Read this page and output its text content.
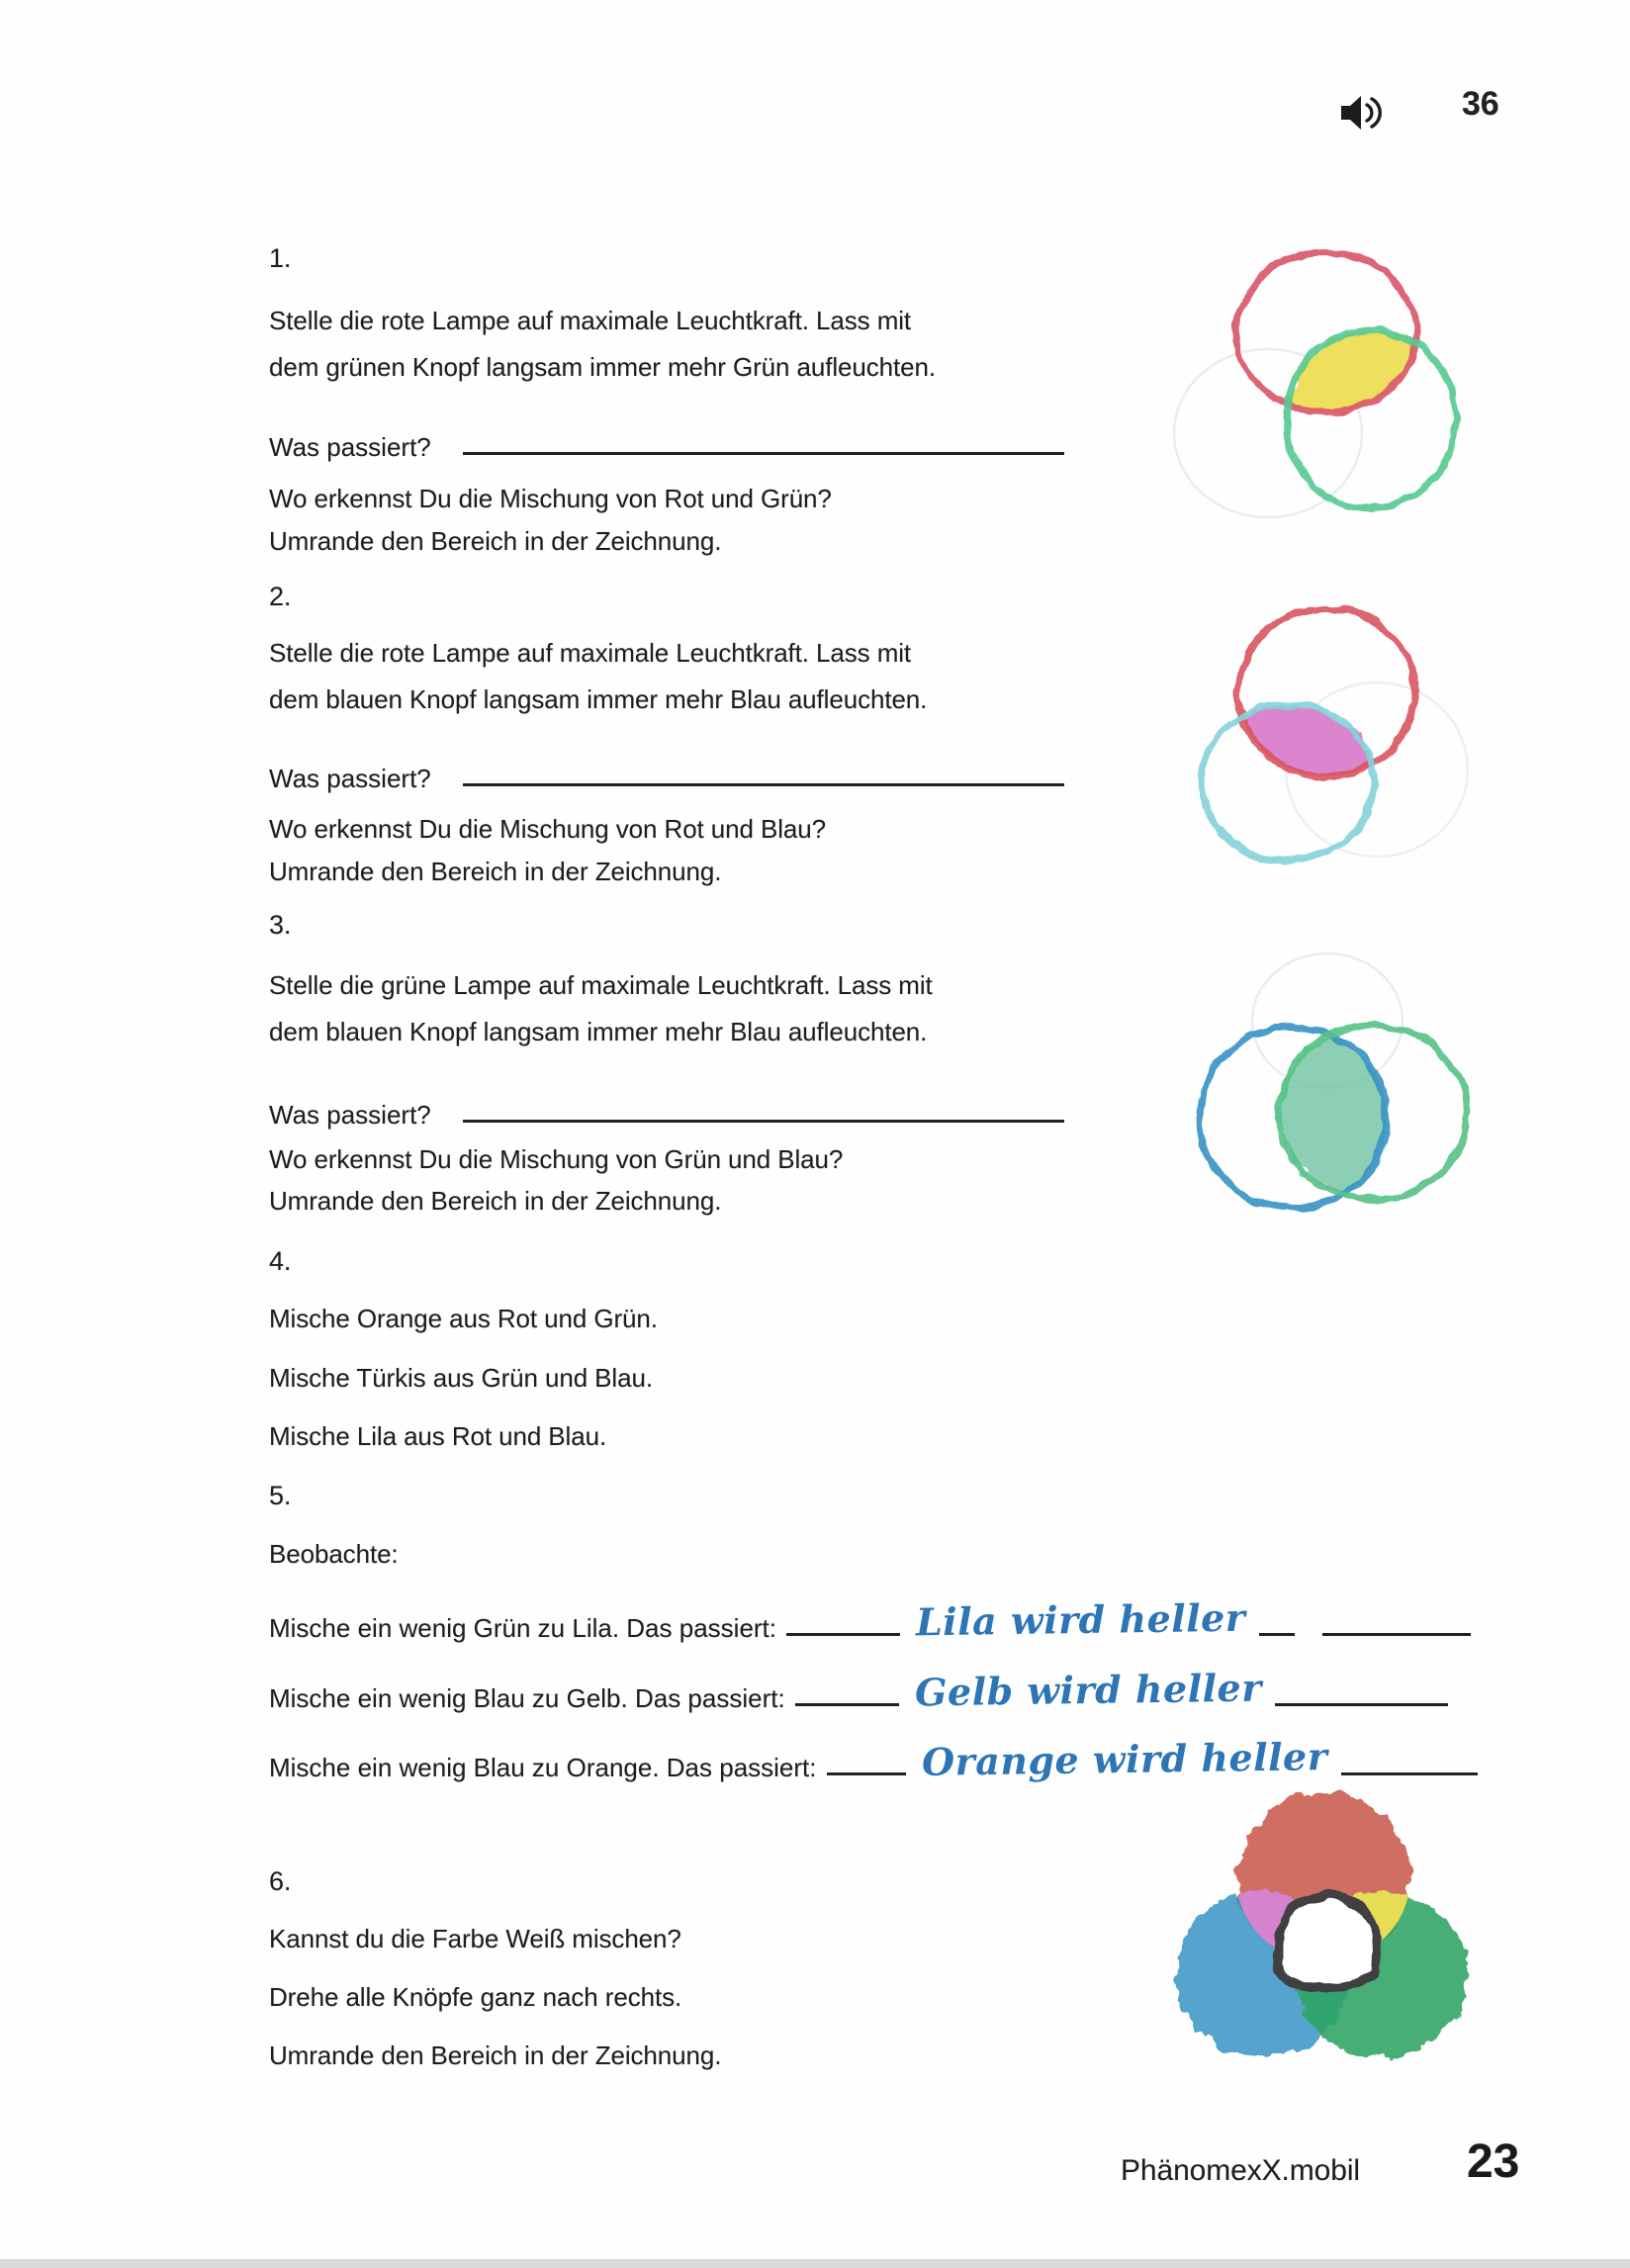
36
1.
Stelle die rote Lampe auf maximale Leuchtkraft. Lass mit
dem grünen Knopf langsam immer mehr Grün aufleuchten.
Was passiert?
Wo erkennst Du die Mischung von Rot und Grün?
Umrande den Bereich in der Zeichnung.
2.
Stelle die rote Lampe auf maximale Leuchtkraft. Lass mit
dem blauen Knopf langsam immer mehr Blau aufleuchten.
Was passiert?
Wo erkennst Du die Mischung von Rot und Blau?
Umrande den Bereich in der Zeichnung.
3.
Stelle die grüne Lampe auf maximale Leuchtkraft. Lass mit
dem blauen Knopf langsam immer mehr Blau aufleuchten.
Was passiert?
Wo erkennst Du die Mischung von Grün und Blau?
Umrande den Bereich in der Zeichnung.
4.
Mische Orange aus Rot und Grün.
Mische Türkis aus Grün und Blau.
Mische Lila aus Rot und Blau.
5.
Beobachte:
Mische ein wenig Grün zu Lila. Das passiert:	Lila wird heller
Mische ein wenig Blau zu Gelb. Das passiert:	Gelb wird heller
Mische ein wenig Blau zu Orange. Das passiert:	Orange wird heller
6.
Kannst du die Farbe Weiß mischen?
Drehe alle Knöpfe ganz nach rechts.
Umrande den Bereich in der Zeichnung.
PhänomexX.mobil 23
